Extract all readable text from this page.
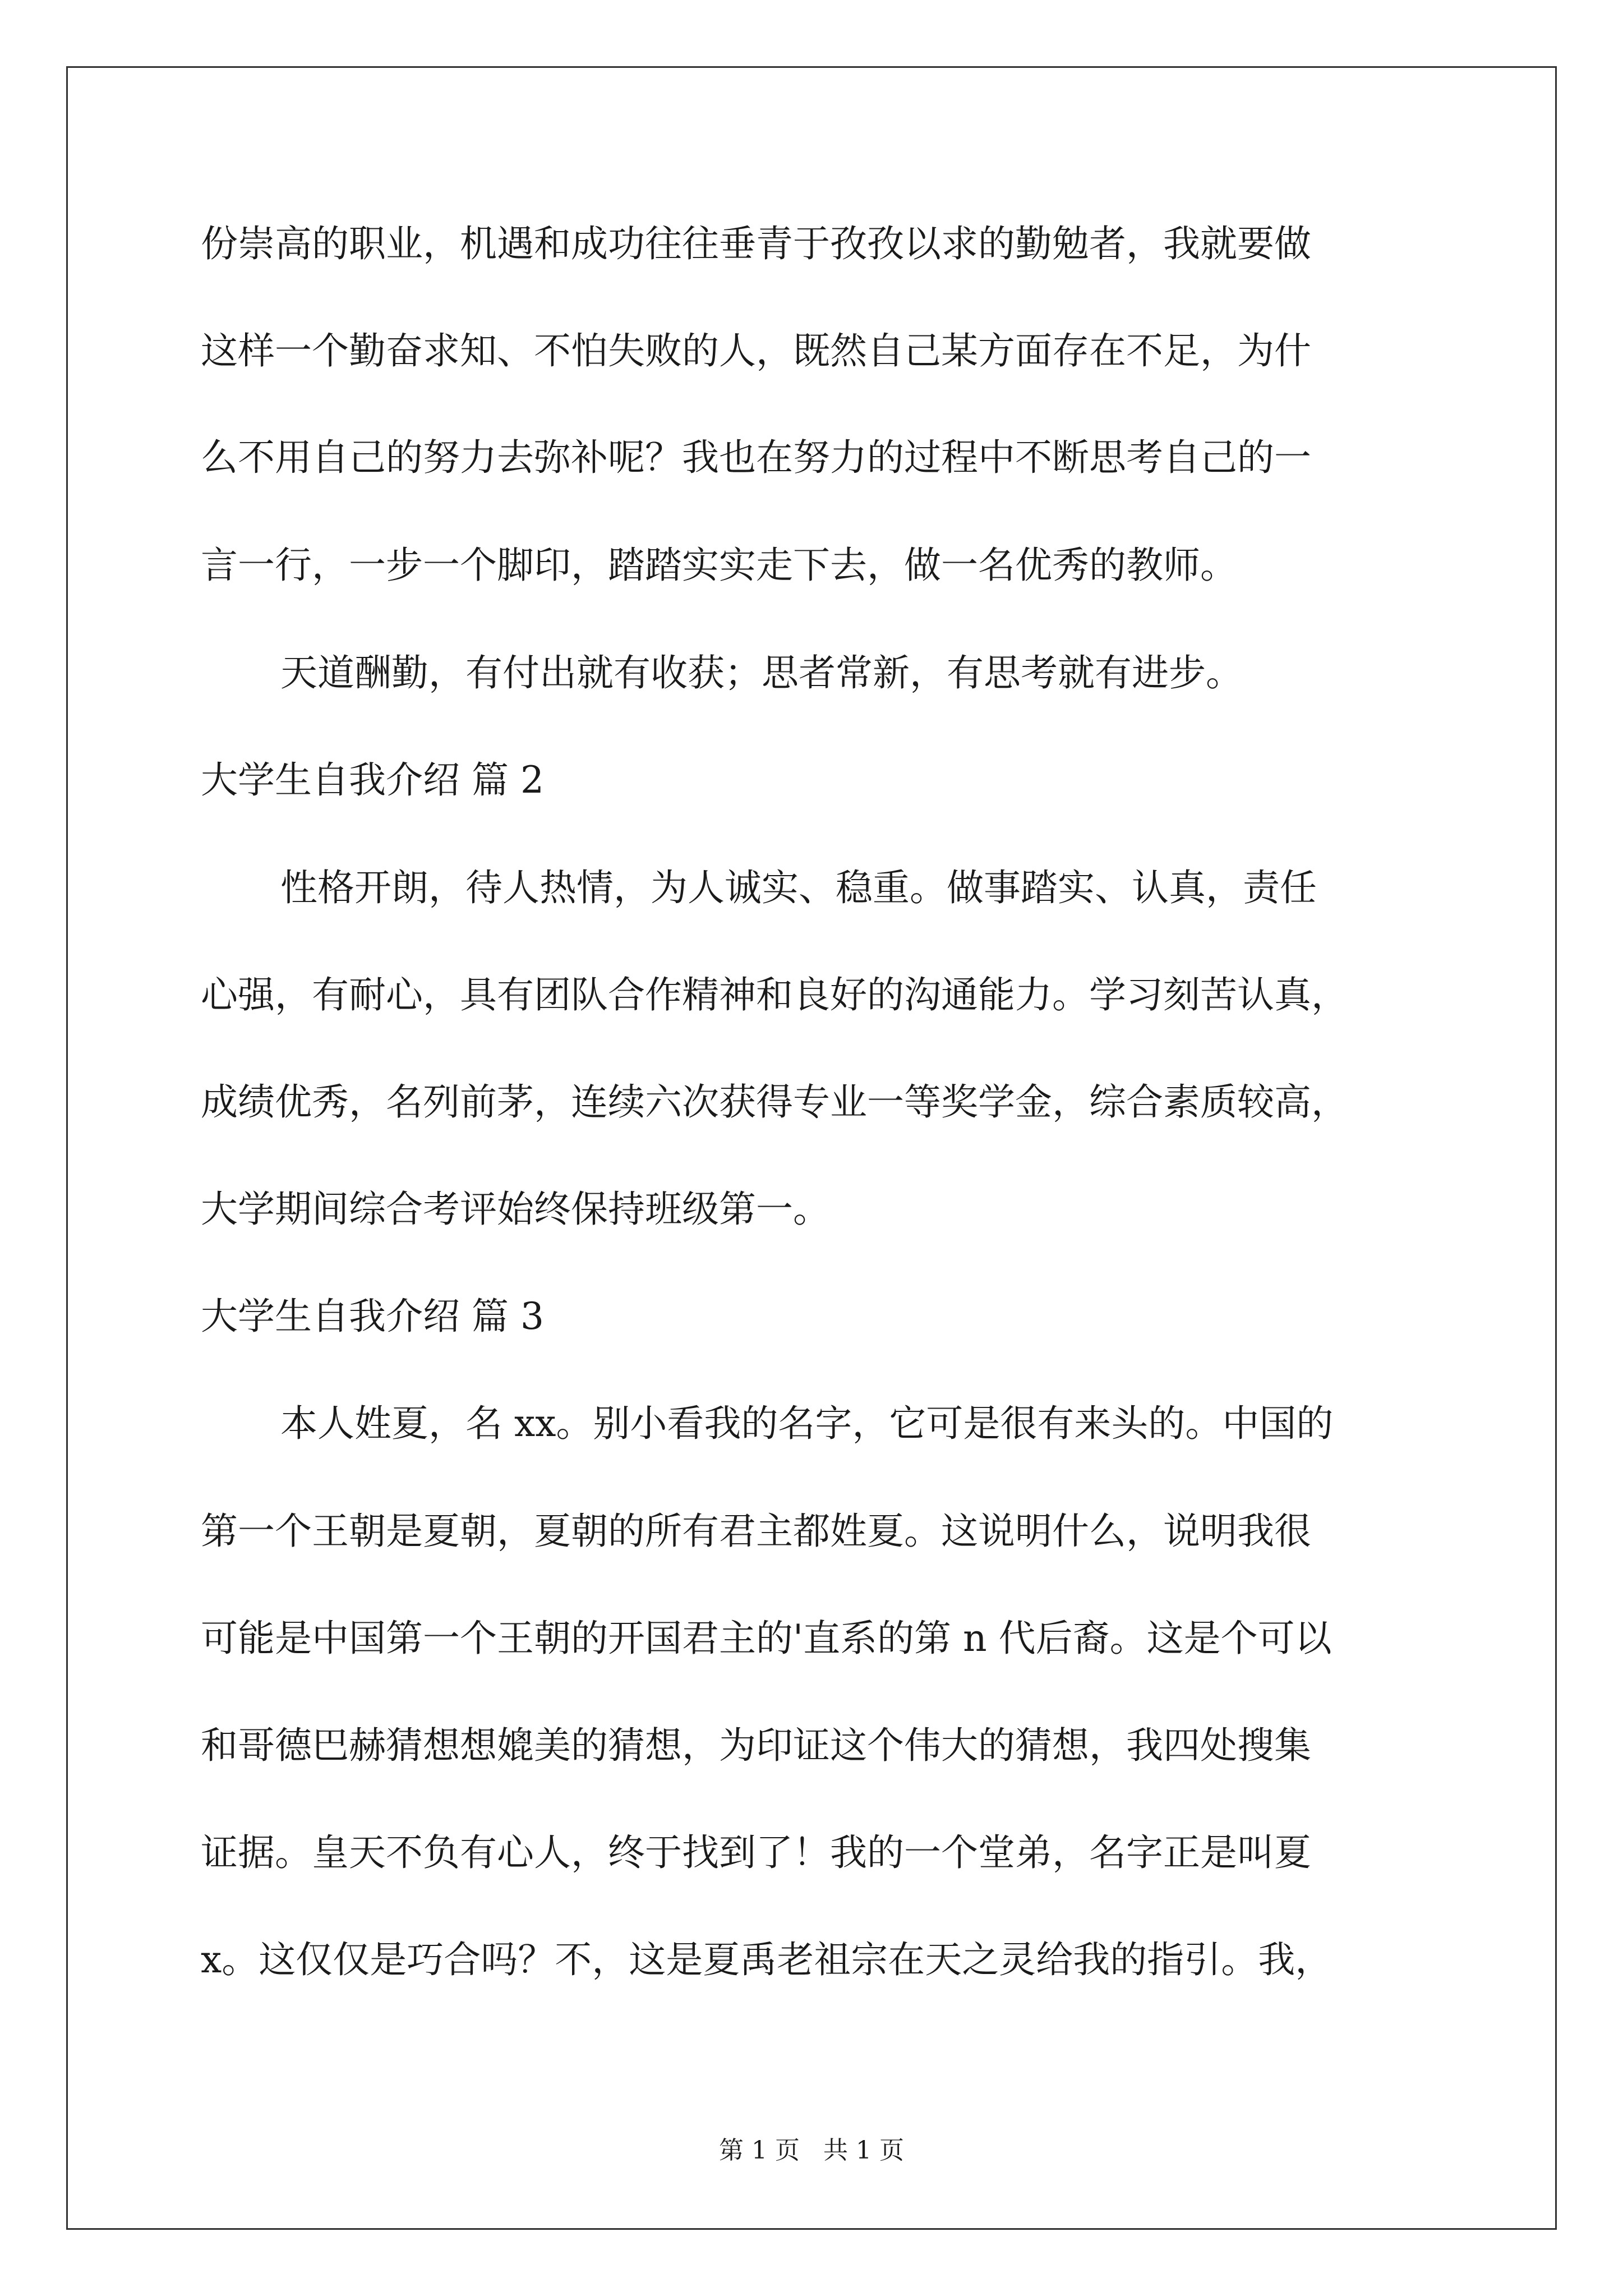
份崇高的职业，机遇和成功往往垂青于孜孜以求的勤勉者，我就要做
这样一个勤奋求知、不怕失败的人，既然自己某方面存在不足，为什
么不用自己的努力去弥补呢？我也在努力的过程中不断思考自己的一
言一行，一步一个脚印，踏踏实实走下去，做一名优秀的教师。
天道酬勤，有付出就有收获；思者常新，有思考就有进步。
大学生自我介绍 篇 2
性格开朗，待人热情，为人诚实、稳重。做事踏实、认真，责任
心强，有耐心，具有团队合作精神和良好的沟通能力。学习刻苦认真，
成绩优秀，名列前茅，连续六次获得专业一等奖学金，综合素质较高，
大学期间综合考评始终保持班级第一。
大学生自我介绍 篇 3
本人姓夏，名 xx。别小看我的名字，它可是很有来头的。中国的
第一个王朝是夏朝，夏朝的所有君主都姓夏。这说明什么，说明我很
可能是中国第一个王朝的开国君主的'直系的第 n 代后裔。这是个可以
和哥德巴赫猜想想媲美的猜想，为印证这个伟大的猜想，我四处搜集
证据。皇天不负有心人，终于找到了！我的一个堂弟，名字正是叫夏
x。这仅仅是巧合吗？不，这是夏禹老祖宗在天之灵给我的指引。我，
第 1 页   共 1 页
